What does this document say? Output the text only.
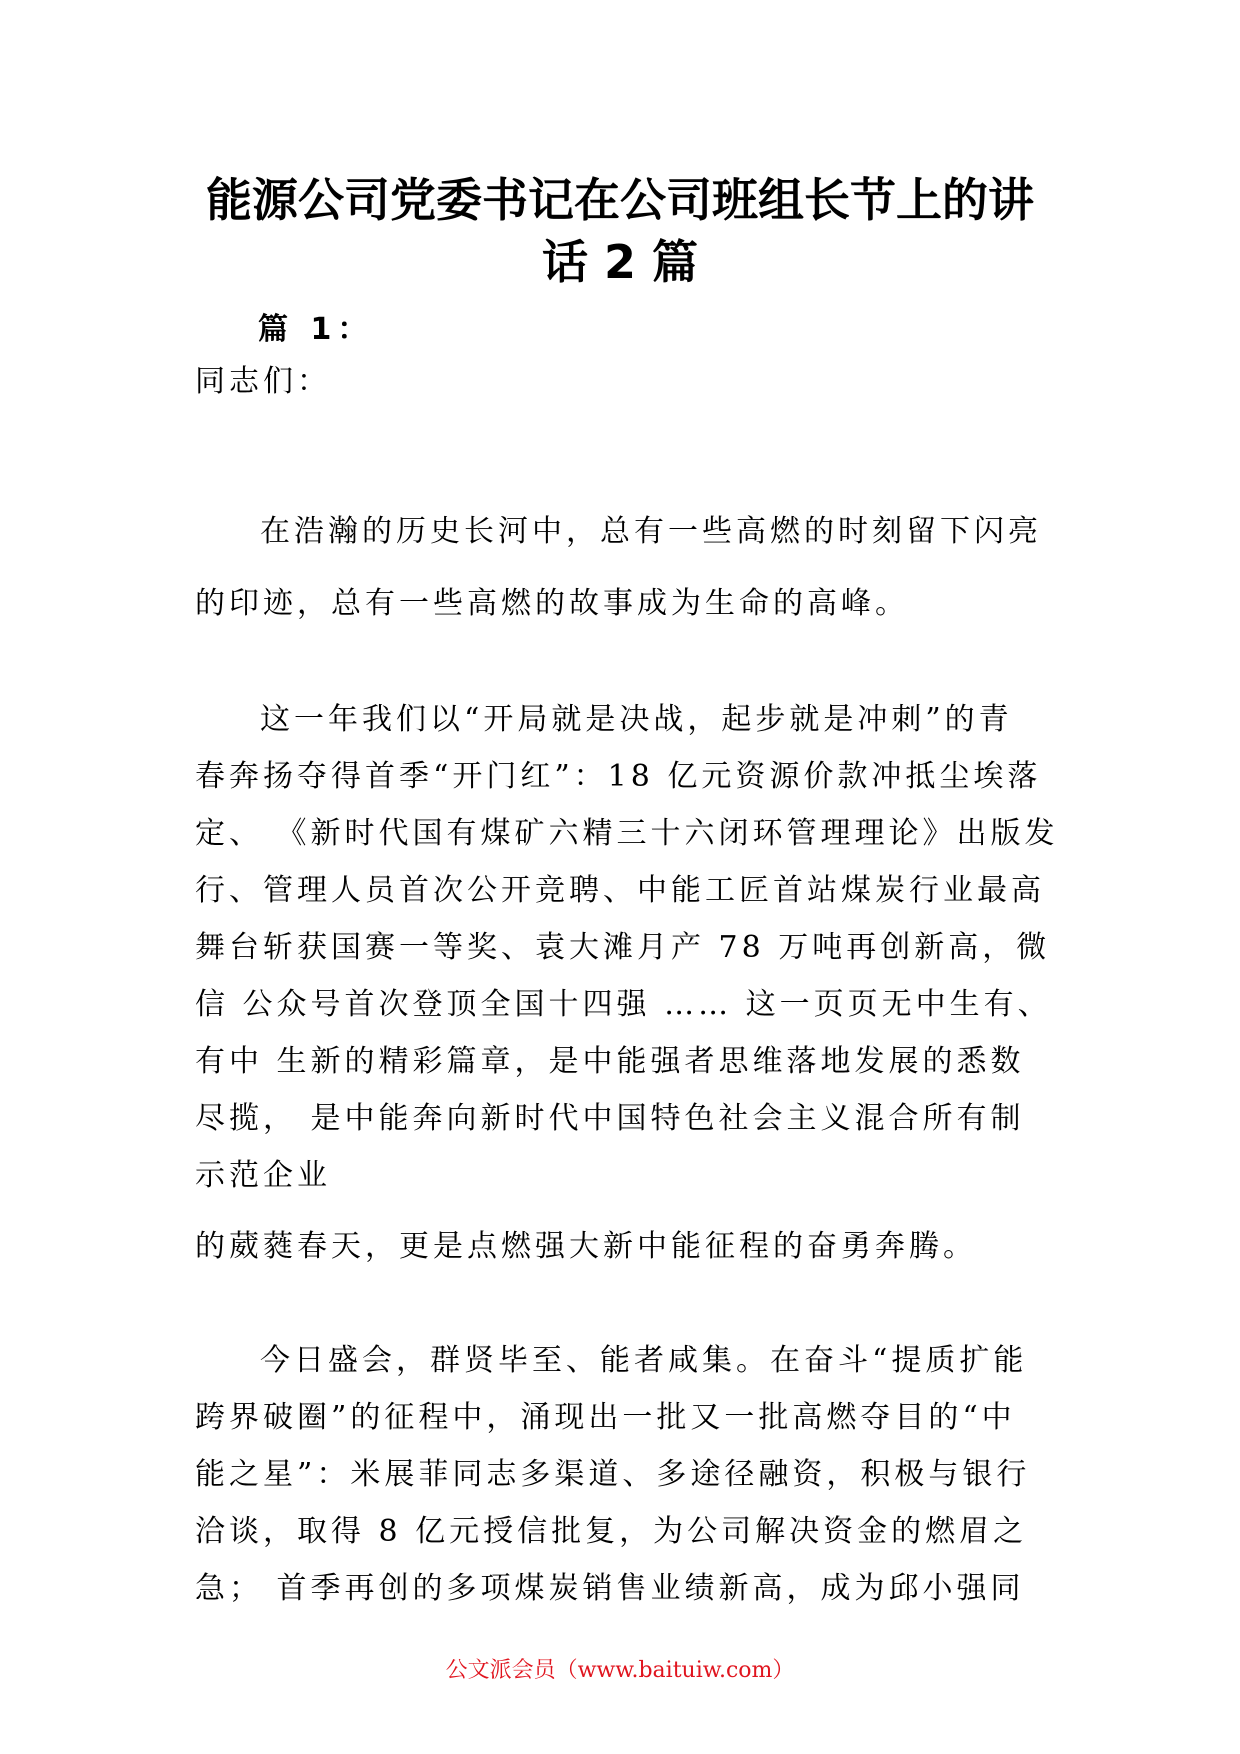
能源公司党委书记在公司班组长节上的讲
话 2 篇

篇 1：

同志们：

在浩瀚的历史长河中，总有一些高燃的时刻留下闪亮

的印迹，总有一些高燃的故事成为生命的高峰。

这一年我们以“开局就是决战，起步就是冲刺”的青

春奔扬夺得首季“开门红”：18 亿元资源价款冲抵尘埃落

定、 《新时代国有煤矿六精三十六闭环管理理论》出版发

行、管理人员首次公开竞聘、中能工匠首站煤炭行业最高

舞台斩获国赛一等奖、袁大滩月产 78 万吨再创新高，微

信 公众号首次登顶全国十四强 …… 这一页页无中生有、

有中 生新的精彩篇章，是中能强者思维落地发展的悉数

尽揽， 是中能奔向新时代中国特色社会主义混合所有制

示范企业

的葳蕤春天，更是点燃强大新中能征程的奋勇奔腾。

今日盛会，群贤毕至、能者咸集。在奋斗“提质扩能

跨界破圈”的征程中，涌现出一批又一批高燃夺目的“中

能之星”：米展菲同志多渠道、多途径融资，积极与银行

洽谈，取得 8 亿元授信批复，为公司解决资金的燃眉之

急； 首季再创的多项煤炭销售业绩新高，成为邱小强同

公文派会员（www.baituiw.com）
